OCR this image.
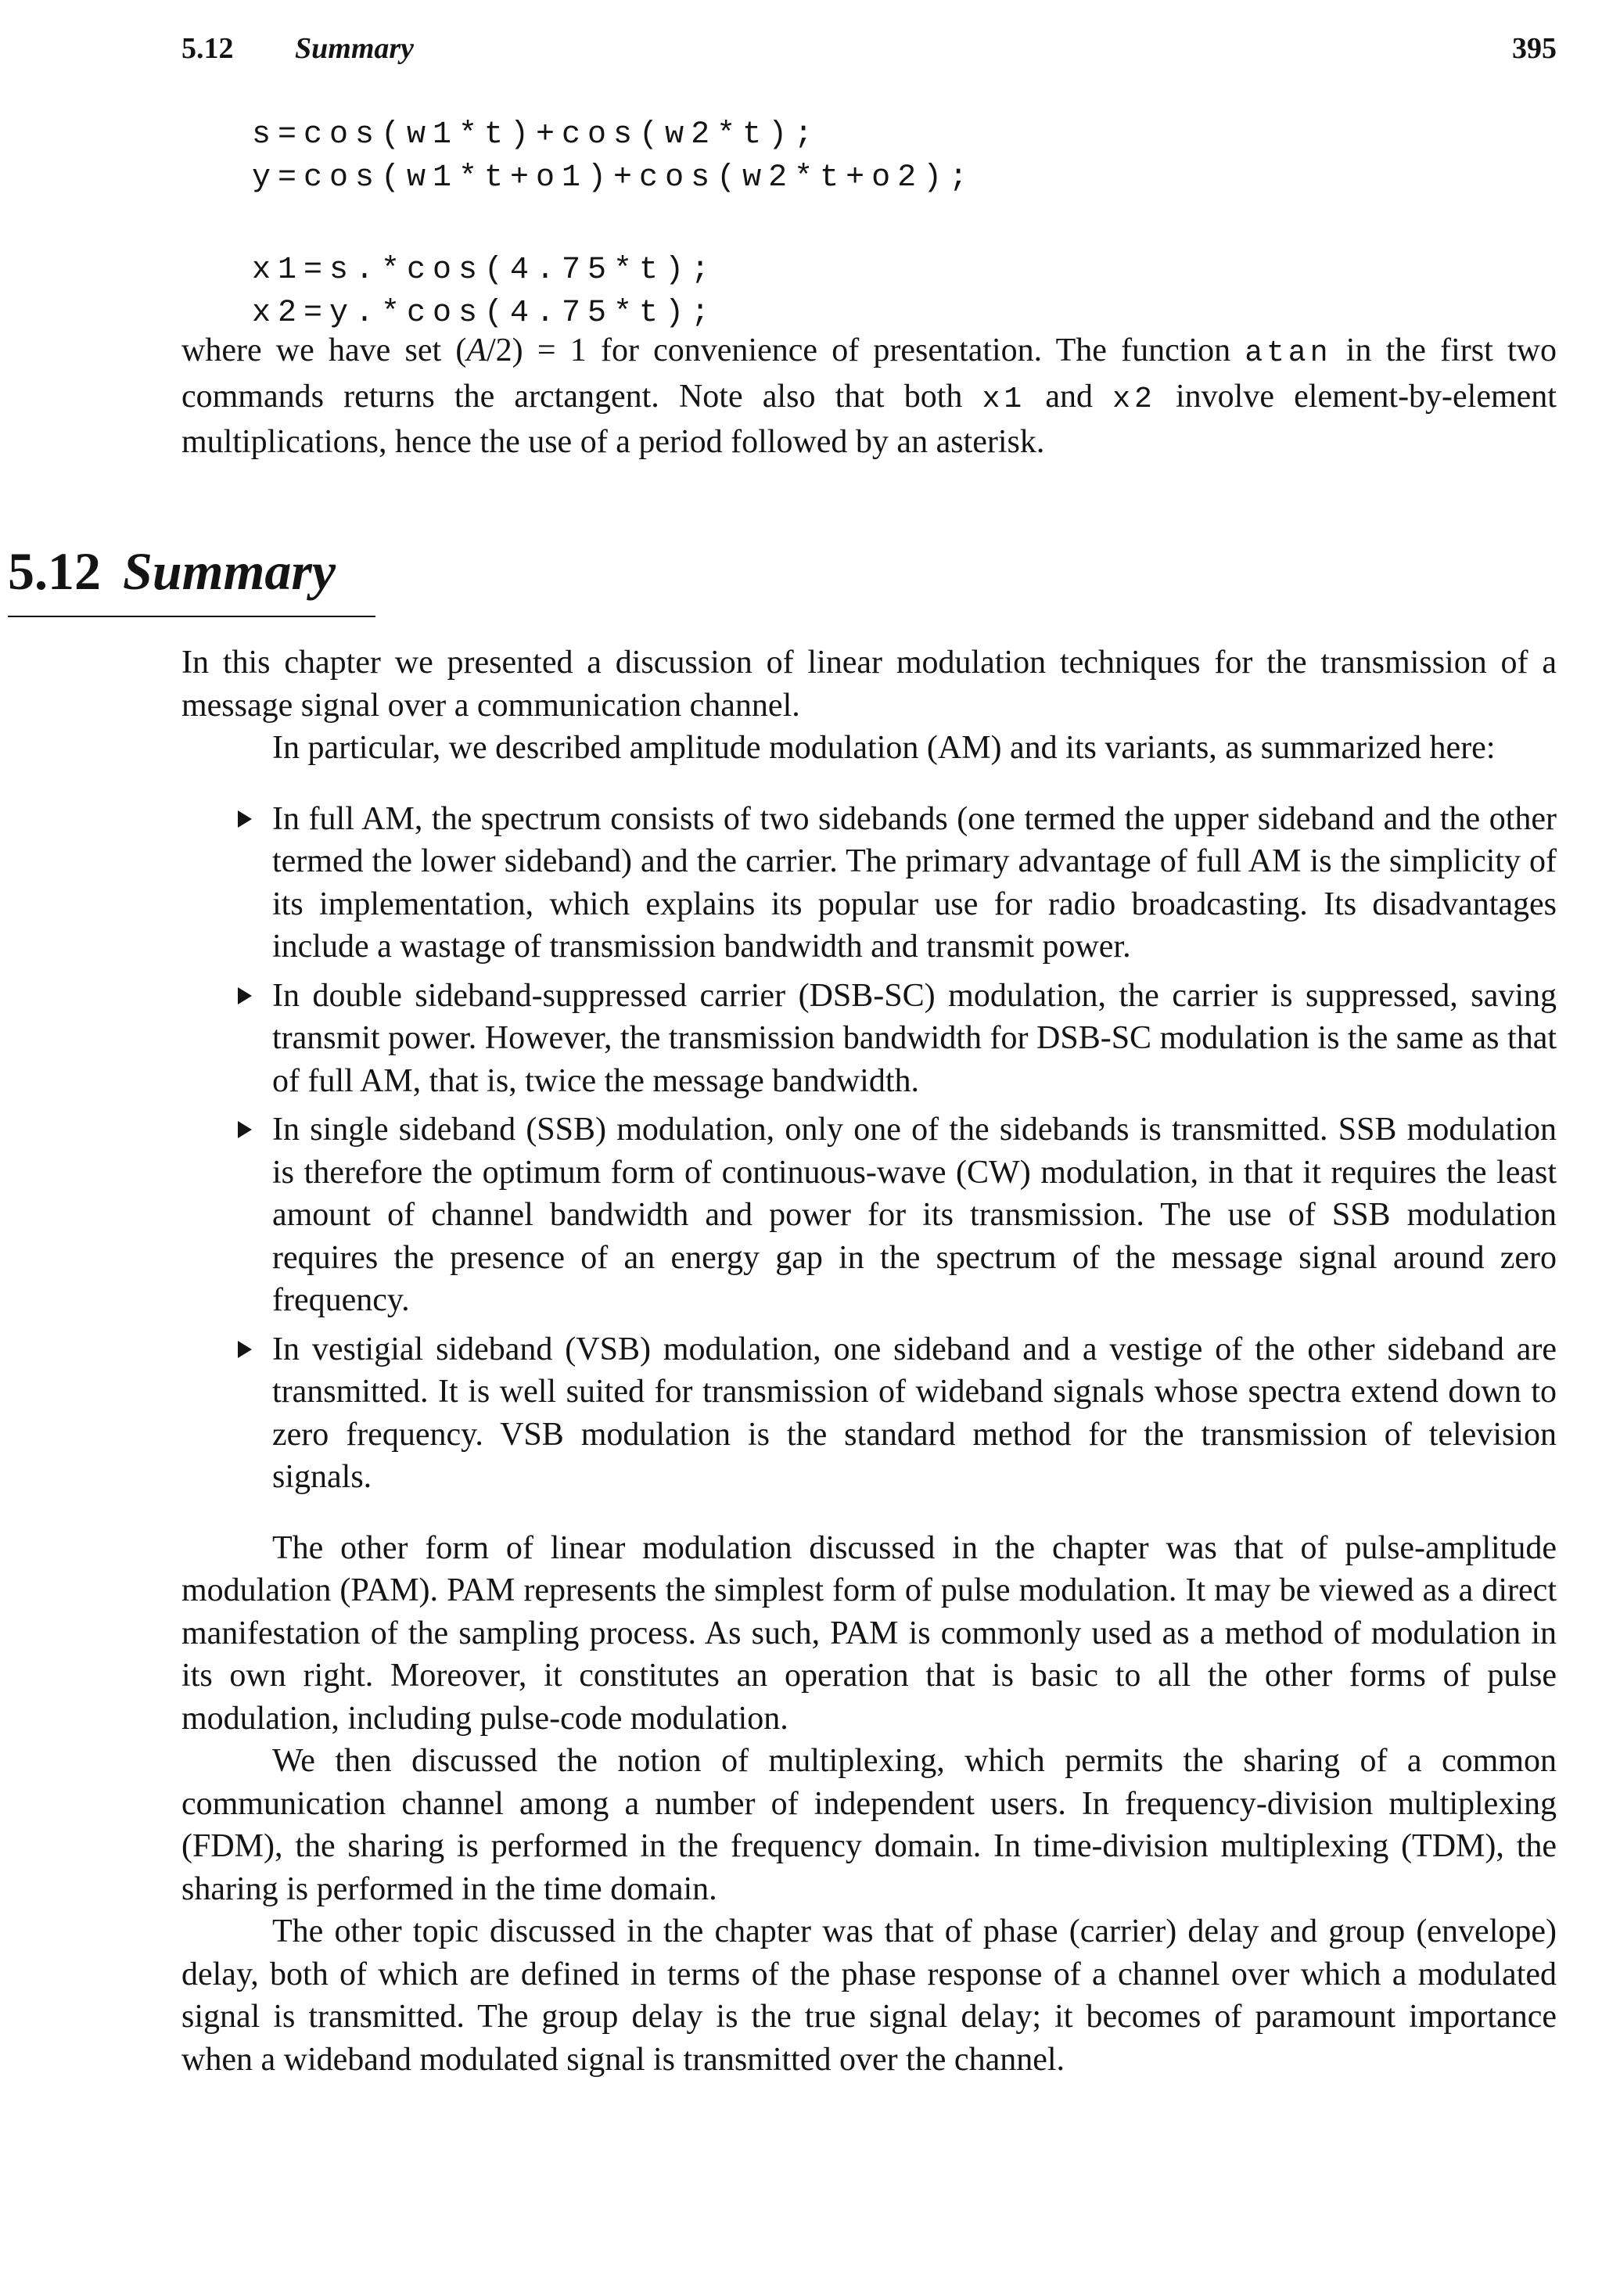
5.12 Summary	395
s=cos(w1*t)+cos(w2*t);
y=cos(w1*t+o1)+cos(w2*t+o2);
x1=s.*cos(4.75*t);
x2=y.*cos(4.75*t);

where we have set (A/2) = 1 for convenience of presentation. The function atan in the first two commands returns the arctangent. Note also that both x1 and x2 involve element-by-element multiplications, hence the use of a period followed by an asterisk.

5.12 Summary

In this chapter we presented a discussion of linear modulation techniques for the transmission of a message signal over a communication channel.

In particular, we described amplitude modulation (AM) and its variants, as summarized here:

In full AM, the spectrum consists of two sidebands (one termed the upper sideband and the other termed the lower sideband) and the carrier. The primary advantage of full AM is the simplicity of its implementation, which explains its popular use for radio broadcasting. Its disadvantages include a wastage of transmission bandwidth and transmit power.
In double sideband-suppressed carrier (DSB-SC) modulation, the carrier is suppressed, saving transmit power. However, the transmission bandwidth for DSB-SC modulation is the same as that of full AM, that is, twice the message bandwidth.
In single sideband (SSB) modulation, only one of the sidebands is transmitted. SSB modulation is therefore the optimum form of continuous-wave (CW) modulation, in that it requires the least amount of channel bandwidth and power for its transmission. The use of SSB modulation requires the presence of an energy gap in the spectrum of the message signal around zero frequency.
In vestigial sideband (VSB) modulation, one sideband and a vestige of the other sideband are transmitted. It is well suited for transmission of wideband signals whose spectra extend down to zero frequency. VSB modulation is the standard method for the transmission of television signals.

The other form of linear modulation discussed in the chapter was that of pulse-amplitude modulation (PAM). PAM represents the simplest form of pulse modulation. It may be viewed as a direct manifestation of the sampling process. As such, PAM is commonly used as a method of modulation in its own right. Moreover, it constitutes an operation that is basic to all the other forms of pulse modulation, including pulse-code modulation.

We then discussed the notion of multiplexing, which permits the sharing of a common communication channel among a number of independent users. In frequency-division multiplexing (FDM), the sharing is performed in the frequency domain. In time-division multiplexing (TDM), the sharing is performed in the time domain.

The other topic discussed in the chapter was that of phase (carrier) delay and group (envelope) delay, both of which are defined in terms of the phase response of a channel over which a modulated signal is transmitted. The group delay is the true signal delay; it becomes of paramount importance when a wideband modulated signal is transmitted over the channel.
